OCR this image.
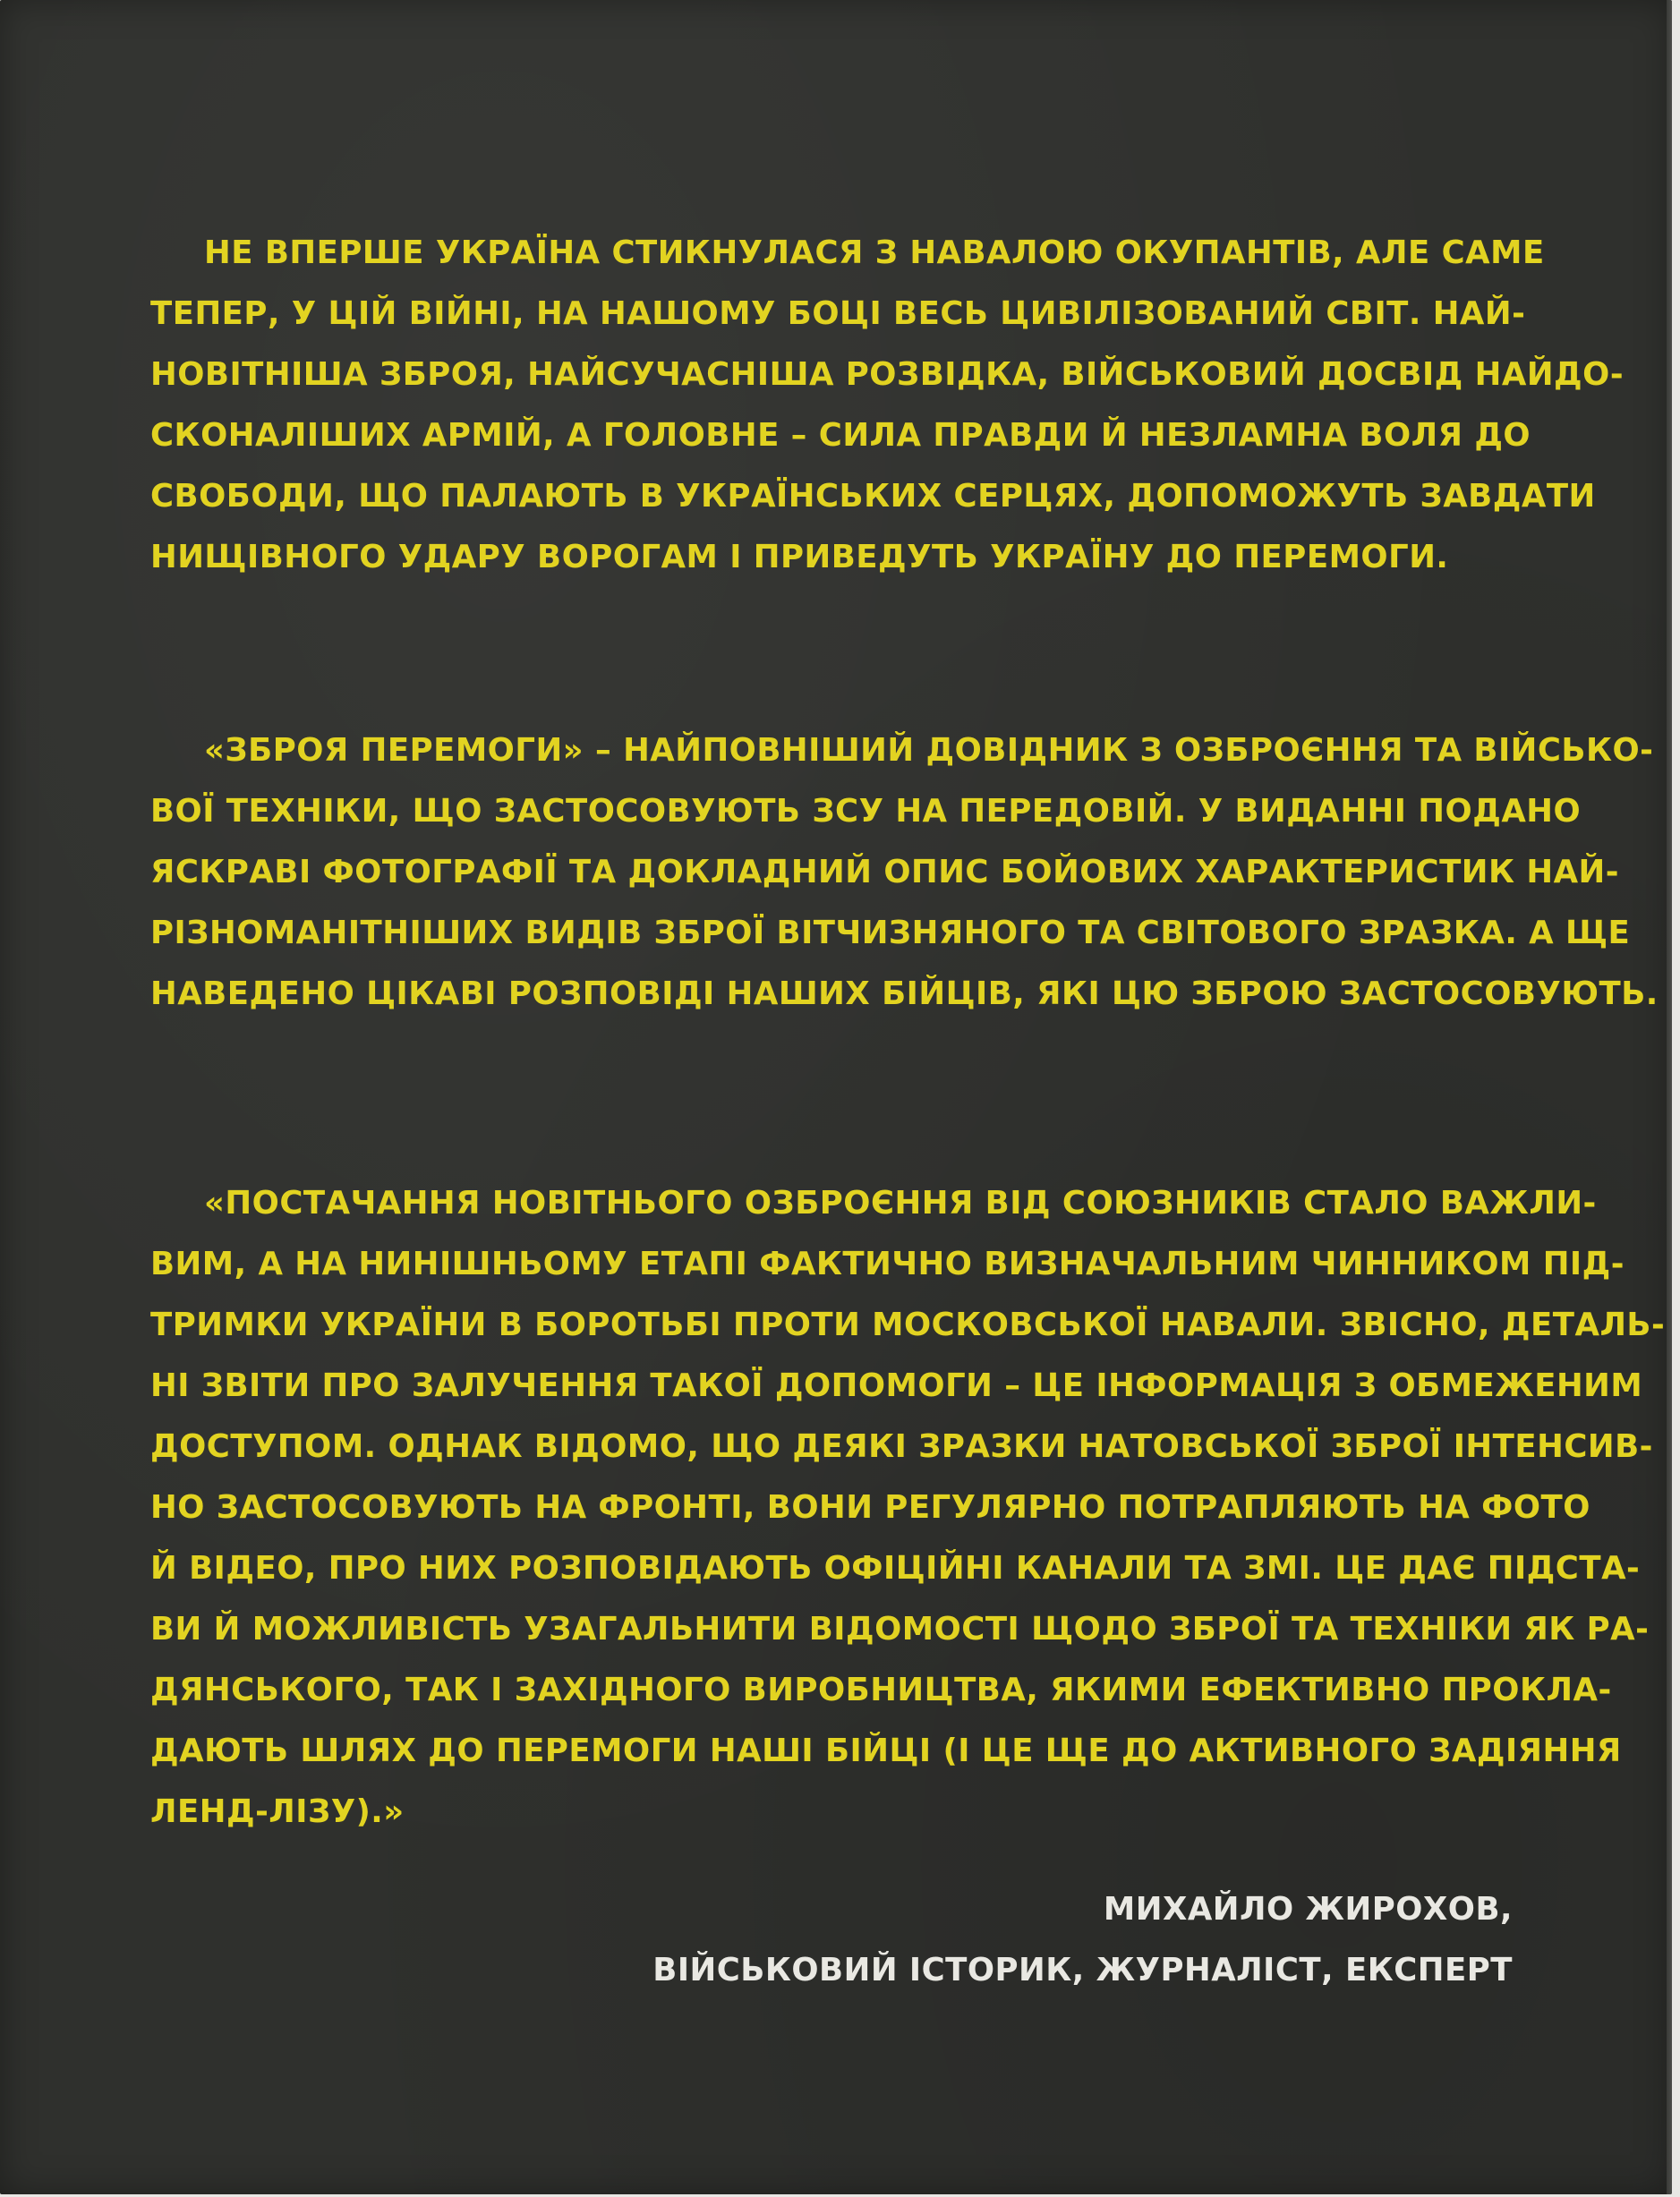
НЕ ВПЕРШЕ УКРАЇНА СТИКНУЛАСЯ З НАВАЛОЮ ОКУПАНТІВ, АЛЕ САМЕ
ТЕПЕР, У ЦІЙ ВІЙНІ, НА НАШОМУ БОЦІ ВЕСЬ ЦИВІЛІЗОВАНИЙ СВІТ. НАЙ-
НОВІТНІША ЗБРОЯ, НАЙСУЧАСНІША РОЗВІДКА, ВІЙСЬКОВИЙ ДОСВІД НАЙДО-
СКОНАЛІШИХ АРМІЙ, А ГОЛОВНЕ – СИЛА ПРАВДИ Й НЕЗЛАМНА ВОЛЯ ДО
СВОБОДИ, ЩО ПАЛАЮТЬ В УКРАЇНСЬКИХ СЕРЦЯХ, ДОПОМОЖУТЬ ЗАВДАТИ
НИЩІВНОГО УДАРУ ВОРОГАМ І ПРИВЕДУТЬ УКРАЇНУ ДО ПЕРЕМОГИ.

«ЗБРОЯ ПЕРЕМОГИ» – НАЙПОВНІШИЙ ДОВІДНИК З ОЗБРОЄННЯ ТА ВІЙСЬКО-
ВОЇ ТЕХНІКИ, ЩО ЗАСТОСОВУЮТЬ ЗСУ НА ПЕРЕДОВІЙ. У ВИДАННІ ПОДАНО
ЯСКРАВІ ФОТОГРАФІЇ ТА ДОКЛАДНИЙ ОПИС БОЙОВИХ ХАРАКТЕРИСТИК НАЙ-
РІЗНОМАНІТНІШИХ ВИДІВ ЗБРОЇ ВІТЧИЗНЯНОГО ТА СВІТОВОГО ЗРАЗКА. А ЩЕ
НАВЕДЕНО ЦІКАВІ РОЗПОВІДІ НАШИХ БІЙЦІВ, ЯКІ ЦЮ ЗБРОЮ ЗАСТОСОВУЮТЬ.

«ПОСТАЧАННЯ НОВІТНЬОГО ОЗБРОЄННЯ ВІД СОЮЗНИКІВ СТАЛО ВАЖЛИ-
ВИМ, А НА НИНІШНЬОМУ ЕТАПІ ФАКТИЧНО ВИЗНАЧАЛЬНИМ ЧИННИКОМ ПІД-
ТРИМКИ УКРАЇНИ В БОРОТЬБІ ПРОТИ МОСКОВСЬКОЇ НАВАЛИ. ЗВІСНО, ДЕТАЛЬ-
НІ ЗВІТИ ПРО ЗАЛУЧЕННЯ ТАКОЇ ДОПОМОГИ – ЦЕ ІНФОРМАЦІЯ З ОБМЕЖЕНИМ
ДОСТУПОМ. ОДНАК ВІДОМО, ЩО ДЕЯКІ ЗРАЗКИ НАТОВСЬКОЇ ЗБРОЇ ІНТЕНСИВ-
НО ЗАСТОСОВУЮТЬ НА ФРОНТІ, ВОНИ РЕГУЛЯРНО ПОТРАПЛЯЮТЬ НА ФОТО
Й ВІДЕО, ПРО НИХ РОЗПОВІДАЮТЬ ОФІЦІЙНІ КАНАЛИ ТА ЗМІ. ЦЕ ДАЄ ПІДСТА-
ВИ Й МОЖЛИВІСТЬ УЗАГАЛЬНИТИ ВІДОМОСТІ ЩОДО ЗБРОЇ ТА ТЕХНІКИ ЯК РА-
ДЯНСЬКОГО, ТАК І ЗАХІДНОГО ВИРОБНИЦТВА, ЯКИМИ ЕФЕКТИВНО ПРОКЛА-
ДАЮТЬ ШЛЯХ ДО ПЕРЕМОГИ НАШІ БІЙЦІ (І ЦЕ ЩЕ ДО АКТИВНОГО ЗАДІЯННЯ
ЛЕНД-ЛІЗУ).»

МИХАЙЛО ЖИРОХОВ,
ВІЙСЬКОВИЙ ІСТОРИК, ЖУРНАЛІСТ, ЕКСПЕРТ
